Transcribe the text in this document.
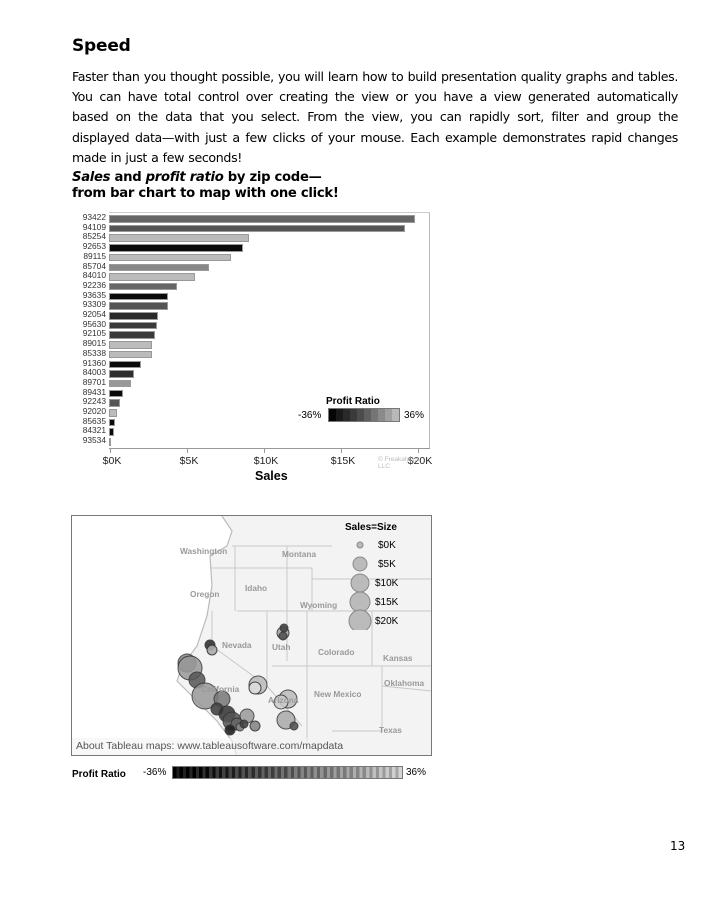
Speed

Faster than you thought possible, you will learn how to build presentation quality graphs and tables. You can have total control over creating the view or you have a view generated automatically based on the data that you select. From the view, you can rapidly sort, filter and group the displayed data—with just a few clicks of your mouse. Each example demonstrates rapid changes made in just a few seconds!

Sales and profit ratio by zip code—
from bar chart to map with one click!
93422
94109
85254
92653
89115
85704
84010
92236
93635
93309
92054
95630
92105
89015
85338
91360
84003
89701
89431
92243
92020
85635
84321
93534
$0K	$5K	$10K	$15K	$20K
© Freakalytics LLC
Sales
Profit Ratio
-36%	36%
Washington	Montana
Oregon
Idaho
Wyoming
Nevada Utah	Colorado
Kansas
California
Arizona
New Mexico
Oklahoma
Texas
Sales=Size
$0K
$5K
$10K
$15K
$20K
About Tableau maps: www.tableausoftware.com/mapdata
Profit Ratio -36%	36%
13
